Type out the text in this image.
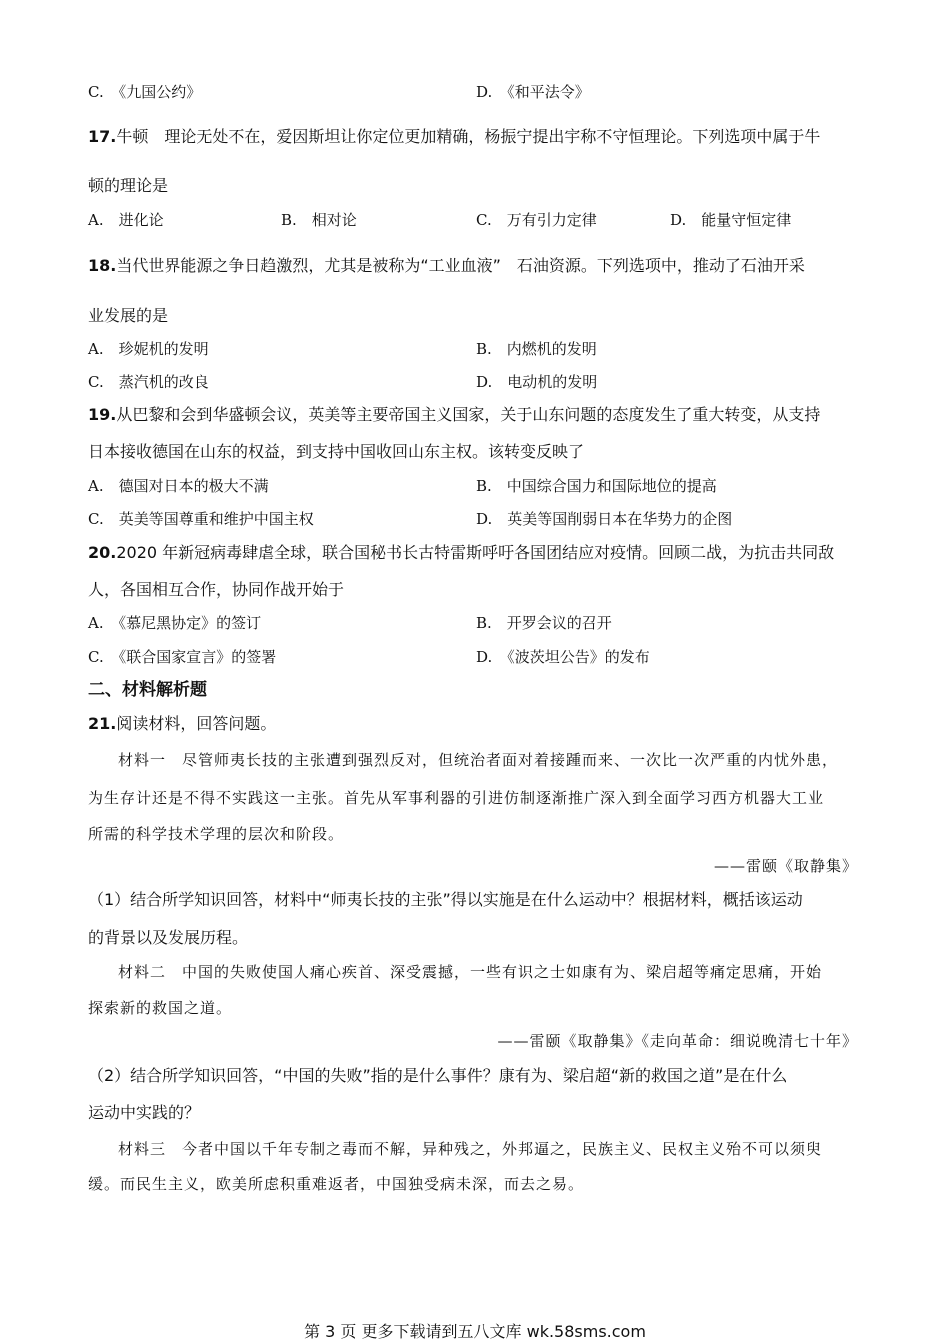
C.　《九国公约》	D.　《和平法令》
17.牛顿　理论无处不在，爱因斯坦让你定位更加精确，杨振宁提出宇称不守恒理论。下列选项中属于牛
顿的理论是
A.　进化论	B.　相对论	C.　万有引力定律	D.　能量守恒定律
18.当代世界能源之争日趋激烈，尤其是被称为“工业血液”　石油资源。下列选项中，推动了石油开采
业发展的是
A.　珍妮机的发明	B.　内燃机的发明
C.　蒸汽机的改良	D.　电动机的发明
19.从巴黎和会到华盛顿会议，英美等主要帝国主义国家，关于山东问题的态度发生了重大转变，从支持
日本接收德国在山东的权益，到支持中国收回山东主权。该转变反映了
A.　德国对日本的极大不满	B.　中国综合国力和国际地位的提高
C.　英美等国尊重和维护中国主权	D.　英美等国削弱日本在华势力的企图
20.2020 年新冠病毒肆虐全球，联合国秘书长古特雷斯呼吁各国团结应对疫情。回顾二战，为抗击共同敌
人，各国相互合作，协同作战开始于
A.　《慕尼黑协定》的签订	B.　开罗会议的召开
C.　《联合国家宣言》的签署	D.　《波茨坦公告》的发布
二、材料解析题
21.阅读材料，回答问题。
材料一　尽管师夷长技的主张遭到强烈反对，但统治者面对着接踵而来、一次比一次严重的内忧外患，
为生存计还是不得不实践这一主张。首先从军事利器的引进仿制逐渐推广深入到全面学习西方机器大工业
所需的科学技术学理的层次和阶段。
——雷颐《取静集》
（1）结合所学知识回答，材料中“师夷长技的主张”得以实施是在什么运动中？根据材料，概括该运动
的背景以及发展历程。
材料二　中国的失败使国人痛心疾首、深受震撼，一些有识之士如康有为、梁启超等痛定思痛，开始
探索新的救国之道。
——雷颐《取静集》《走向革命：细说晚清七十年》
（2）结合所学知识回答，“中国的失败”指的是什么事件？康有为、梁启超“新的救国之道”是在什么
运动中实践的？
材料三　今者中国以千年专制之毒而不解，异种残之，外邦逼之，民族主义、民权主义殆不可以须臾
缓。而民生主义，欧美所虑积重难返者，中国独受病未深，而去之易。
第 3 页 更多下载请到五八文库 wk.58sms.com
